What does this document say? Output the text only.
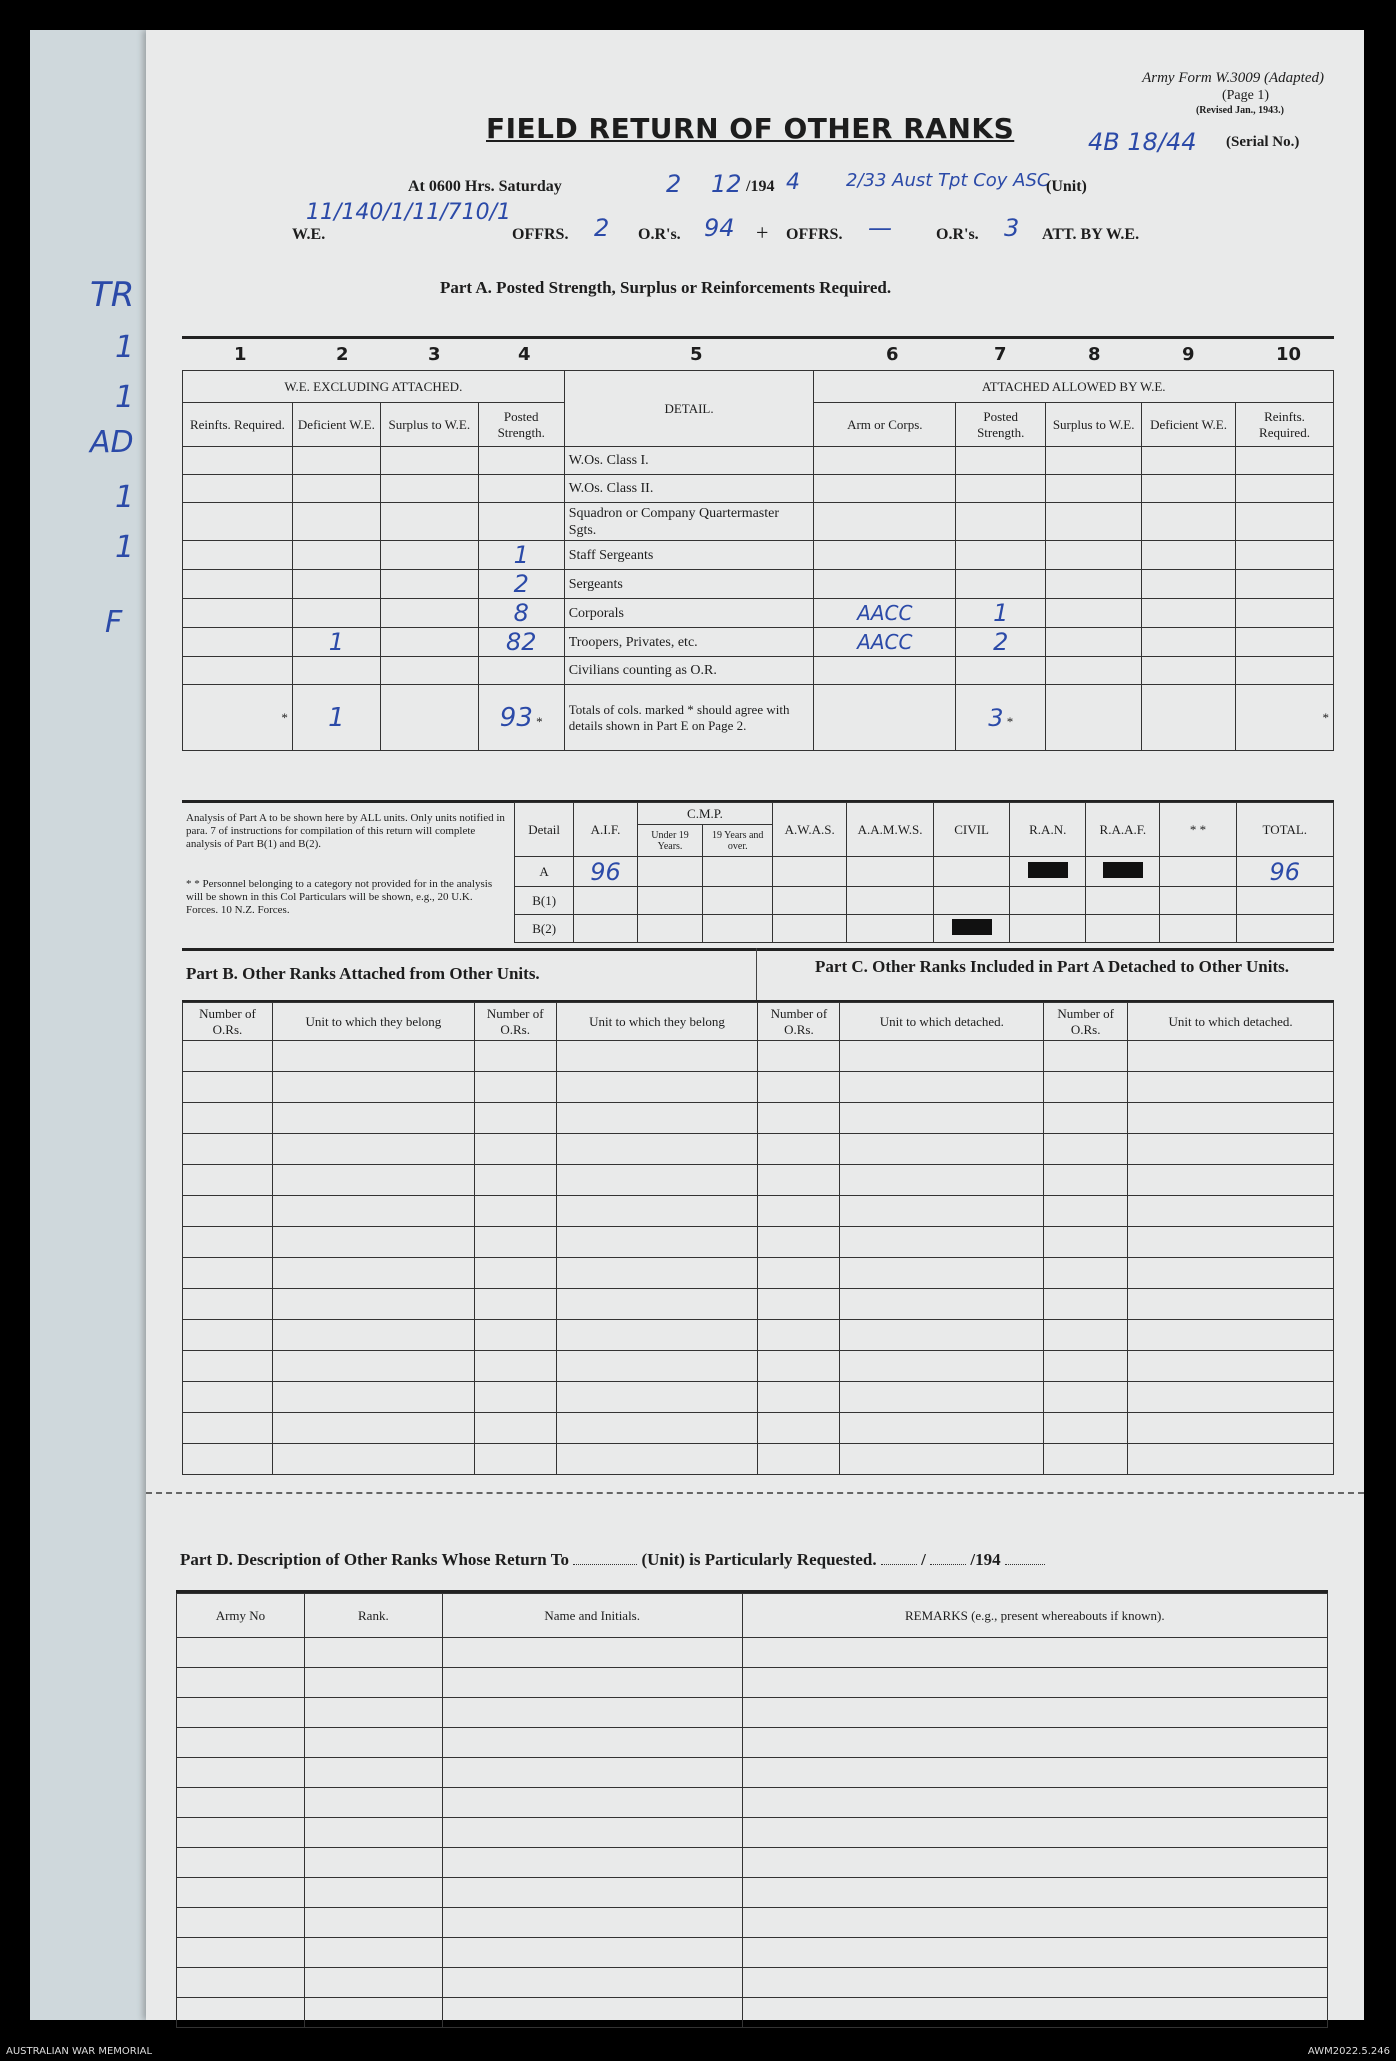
TR
1
1
AD
1
1
F
Army Form W.3009 (Adapted)
(Page 1)
(Revised Jan., 1943.)
4B 18/44 (Serial No.)
FIELD RETURN OF OTHER RANKS
At 0600 Hrs. Saturday	2 12 /194 4	2/33 Aust Tpt Coy ASC
(Unit)
11/140/1/11/710/1
W.E.	OFFRS. 2 O.R's. 94 + OFFRS. —	O.R's. 3 ATT. BY W.E.
Part A. Posted Strength, Surplus or Reinforcements Required.
W.E. EXCLUDING ATTACHED.				DETAIL.	ATTACHED ALLOWED BY W.E.				
Reinfts. Required.	Deficient W.E.	Surplus to W.E.	Posted Strength.		Arm or Corps.	Posted Strength.	Surplus to W.E.	Deficient W.E.	Reinfts. Required.
				W.Os. Class I.					
				W.Os. Class II.					
				Squadron or Company Quartermaster Sgts.					
			1	Staff Sergeants					
			2	Sergeants					
			8	Corporals	AACC	1			
	1		82	Troopers, Privates, etc.	AACC	2			
				Civilians counting as O.R.					
*	1		93 *	Totals of cols. marked * should agree with details shown in Part E on Page 2.		3 *			*
Analysis of Part A to be shown here by ALL units. Only units notified in para. 7 of instructions for compilation of this return will complete analysis of Part B(1) and B(2).
* * Personnel belonging to a category not provided for in the analysis will be shown in this Col Particulars will be shown, e.g., 20 U.K. Forces. 10 N.Z. Forces.
Detail	A.I.F.	C.M.P.		A.W.A.S.	A.A.M.W.S.	CIVIL	R.A.N.	R.A.A.F.	* *	TOTAL.
		Under 19 Years.	19 Years and over.							
A	96									96
B(1)										
B(2)										
Part B. Other Ranks Attached from Other Units.	Part C. Other Ranks Included in Part A Detached to Other Units.
Number of O.Rs.	Unit to which they belong	Number of O.Rs.	Unit to which they belong	Number of O.Rs.	Unit to which detached.	Number of O.Rs.	Unit to which detached.

Part D. Description of Other Ranks Whose Return To	(Unit) is Particularly Requested.  /  /194
Army No	Rank.	Name and Initials.	REMARKS (e.g., present whereabouts if known).

1	2	3	4	5	6	7	8	9	10
AUSTRALIAN WAR MEMORIAL	AWM2022.5.246
